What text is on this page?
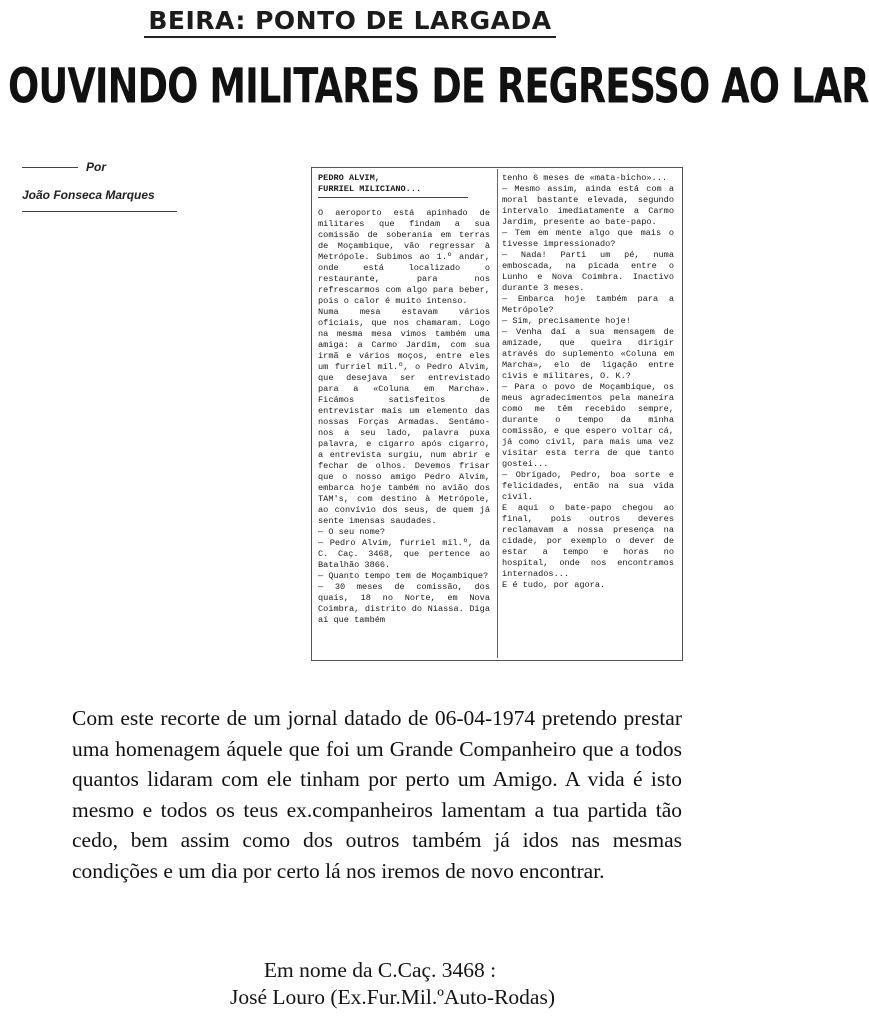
BEIRA: PONTO DE LARGADA
OUVINDO MILITARES DE REGRESSO AO LAR
Por
João Fonseca Marques
PEDRO ALVIM,
FURRIEL MILICIANO...

O aeroporto está apinhado de militares que findam a sua comissão de soberania em terras de Moçambique, vão regressar à Metrópole. Subimos ao 1.º andar, onde está localizado o restaurante, para nos refrescarmos com algo para beber, pois o calor é muito intenso.

Numa mesa estavam vários oficiais, que nos chamaram. Logo na mesma mesa vimos também uma amiga: a Carmo Jardim, com sua irmã e vários moços, entre eles um furriel mil.º, o Pedro Alvim, que desejava ser entrevistado para a «Coluna em Marcha». Ficámos satisfeitos de entrevistar mais um elemento das nossas Forças Armadas. Sentámo-nos a seu lado, palavra puxa palavra, e cigarro após cigarro, a entrevista surgiu, num abrir e fechar de olhos. Devemos frisar que o nosso amigo Pedro Alvim, embarca hoje também no avião dos TAM's, com destino à Metrópole, ao convívio dos seus, de quem já sente imensas saudades.

— O seu nome?

— Pedro Alvim, furriel mil.º, da C. Caç. 3468, que pertence ao Batalhão 3866.

— Quanto tempo tem de Moçambique?

— 30 meses de comissão, dos quais, 18 no Norte, em Nova Coimbra, distrito do Niassa. Diga aí que também

tenho 6 meses de «mata-bicho»...

— Mesmo assim, ainda está com a moral bastante elevada, segundo intervalo imediatamente a Carmo Jardim, presente ao bate-papo.

— Tem em mente algo que mais o tivesse impressionado?

— Nada! Parti um pé, numa emboscada, na picada entre o Lunho e Nova Coimbra. Inactivo durante 3 meses.

— Embarca hoje também para a Metrópole?

— Sim, precisamente hoje!

— Venha daí a sua mensagem de amizade, que queira dirigir através do suplemento «Coluna em Marcha», elo de ligação entre civis e militares, O. K.?

— Para o povo de Moçambique, os meus agradecimentos pela maneira como me têm recebido sempre, durante o tempo da minha comissão, e que espero voltar cá, já como civil, para mais uma vez visitar esta terra de que tanto gostei...

— Obrigado, Pedro, boa sorte e felicidades, então na sua vida civil.

E aqui o bate-papo chegou ao final, pois outros deveres reclamavam a nossa presença na cidade, por exemplo o dever de estar a tempo e horas no hospital, onde nos encontramos internados...

E é tudo, por agora.

Com este recorte de um jornal datado de 06-04-1974 pretendo prestar uma homenagem áquele que foi um Grande Companheiro que a todos quantos lidaram com ele tinham por perto um Amigo. A vida é isto mesmo e todos os teus ex.companheiros lamentam a tua partida tão cedo, bem assim como dos outros também já idos nas mesmas condições e um dia por certo lá nos iremos de novo encontrar.
Em nome da C.Caç. 3468 :
José Louro (Ex.Fur.Mil.ºAuto-Rodas)
